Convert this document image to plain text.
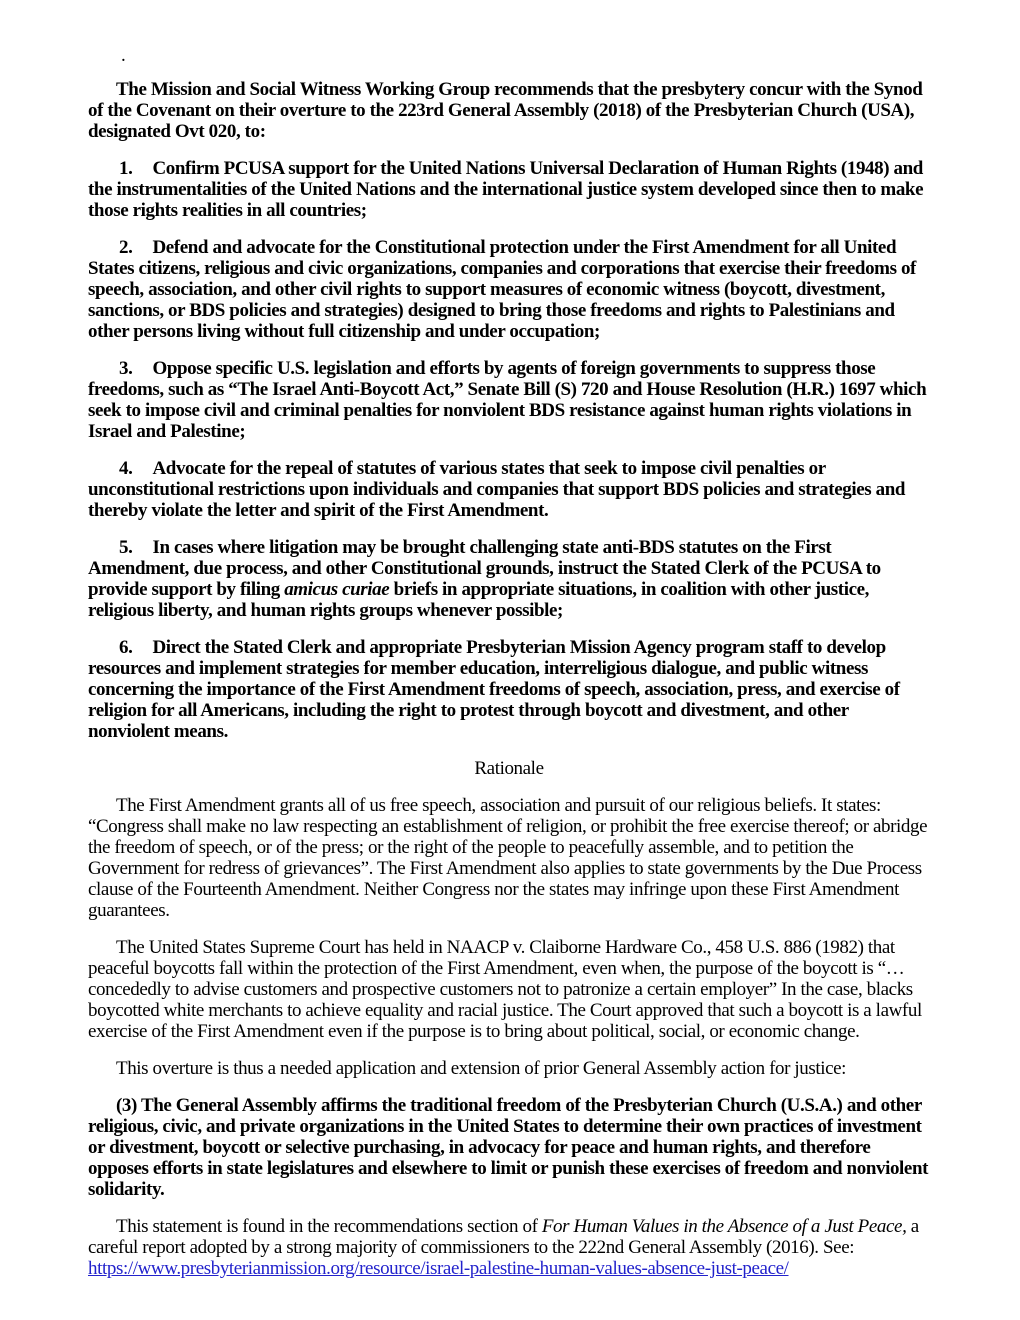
.

The Mission and Social Witness Working Group recommends that the presbytery concur with the Synod of the Covenant on their overture to the 223rd General Assembly (2018) of the Presbyterian Church (USA), designated Ovt 020, to:

1. Confirm PCUSA support for the United Nations Universal Declaration of Human Rights (1948) and the instrumentalities of the United Nations and the international justice system developed since then to make those rights realities in all countries;

2. Defend and advocate for the Constitutional protection under the First Amendment for all United States citizens, religious and civic organizations, companies and corporations that exercise their freedoms of speech, association, and other civil rights to support measures of economic witness (boycott, divestment, sanctions, or BDS policies and strategies) designed to bring those freedoms and rights to Palestinians and other persons living without full citizenship and under occupation;

3. Oppose specific U.S. legislation and efforts by agents of foreign governments to suppress those freedoms, such as “The Israel Anti-Boycott Act,” Senate Bill (S) 720 and House Resolution (H.R.) 1697 which seek to impose civil and criminal penalties for nonviolent BDS resistance against human rights violations in Israel and Palestine;

4. Advocate for the repeal of statutes of various states that seek to impose civil penalties or unconstitutional restrictions upon individuals and companies that support BDS policies and strategies and thereby violate the letter and spirit of the First Amendment.

5. In cases where litigation may be brought challenging state anti-BDS statutes on the First Amendment, due process, and other Constitutional grounds, instruct the Stated Clerk of the PCUSA to provide support by filing amicus curiae briefs in appropriate situations, in coalition with other justice, religious liberty, and human rights groups whenever possible;

6. Direct the Stated Clerk and appropriate Presbyterian Mission Agency program staff to develop resources and implement strategies for member education, interreligious dialogue, and public witness concerning the importance of the First Amendment freedoms of speech, association, press, and exercise of religion for all Americans, including the right to protest through boycott and divestment, and other nonviolent means.

Rationale

The First Amendment grants all of us free speech, association and pursuit of our religious beliefs. It states: “Congress shall make no law respecting an establishment of religion, or prohibit the free exercise thereof; or abridge the freedom of speech, or of the press; or the right of the people to peacefully assemble, and to petition the Government for redress of grievances”. The First Amendment also applies to state governments by the Due Process clause of the Fourteenth Amendment. Neither Congress nor the states may infringe upon these First Amendment guarantees.

The United States Supreme Court has held in NAACP v. Claiborne Hardware Co., 458 U.S. 886 (1982) that peaceful boycotts fall within the protection of the First Amendment, even when, the purpose of the boycott is “… concededly to advise customers and prospective customers not to patronize a certain employer” In the case, blacks boycotted white merchants to achieve equality and racial justice. The Court approved that such a boycott is a lawful exercise of the First Amendment even if the purpose is to bring about political, social, or economic change.

This overture is thus a needed application and extension of prior General Assembly action for justice:

(3) The General Assembly affirms the traditional freedom of the Presbyterian Church (U.S.A.) and other religious, civic, and private organizations in the United States to determine their own practices of investment or divestment, boycott or selective purchasing, in advocacy for peace and human rights, and therefore opposes efforts in state legislatures and elsewhere to limit or punish these exercises of freedom and nonviolent solidarity.

This statement is found in the recommendations section of For Human Values in the Absence of a Just Peace, a careful report adopted by a strong majority of commissioners to the 222nd General Assembly (2016). See: https://www.presbyterianmission.org/resource/israel-palestine-human-values-absence-just-peace/
